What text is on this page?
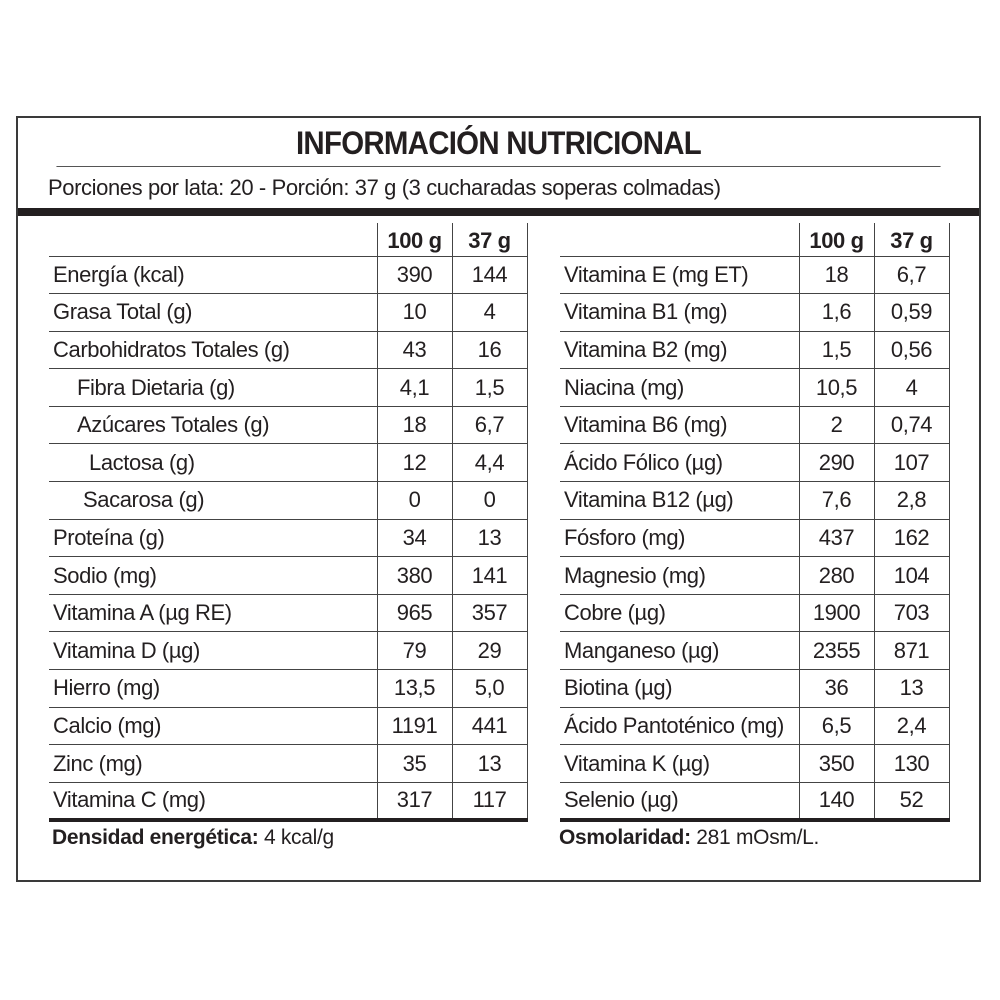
INFORMACIÓN NUTRICIONAL
Porciones por lata: 20 - Porción: 37 g (3 cucharadas soperas colmadas)
	100 g	37 g
Energía (kcal)	390	144
Grasa Total (g)	10	4
Carbohidratos Totales (g)	43	16
Fibra Dietaria (g)	4,1	1,5
Azúcares Totales (g)	18	6,7
Lactosa (g)	12	4,4
Sacarosa (g)	0	0
Proteína (g)	34	13
Sodio (mg)	380	141
Vitamina A (µg RE)	965	357
Vitamina D (µg)	79	29
Hierro (mg)	13,5	5,0
Calcio (mg)	1191	441
Zinc (mg)	35	13
Vitamina C (mg)	317	117
	100 g	37 g
Vitamina E (mg ET)	18	6,7
Vitamina B1 (mg)	1,6	0,59
Vitamina B2 (mg)	1,5	0,56
Niacina (mg)	10,5	4
Vitamina B6 (mg)	2	0,74
Ácido Fólico (µg)	290	107
Vitamina B12 (µg)	7,6	2,8
Fósforo (mg)	437	162
Magnesio (mg)	280	104
Cobre (µg)	1900	703
Manganeso (µg)	2355	871
Biotina (µg)	36	13
Ácido Pantoténico (mg)	6,5	2,4
Vitamina K (µg)	350	130
Selenio (µg)	140	52
Densidad energética: 4 kcal/g	Osmolaridad: 281 mOsm/L.
